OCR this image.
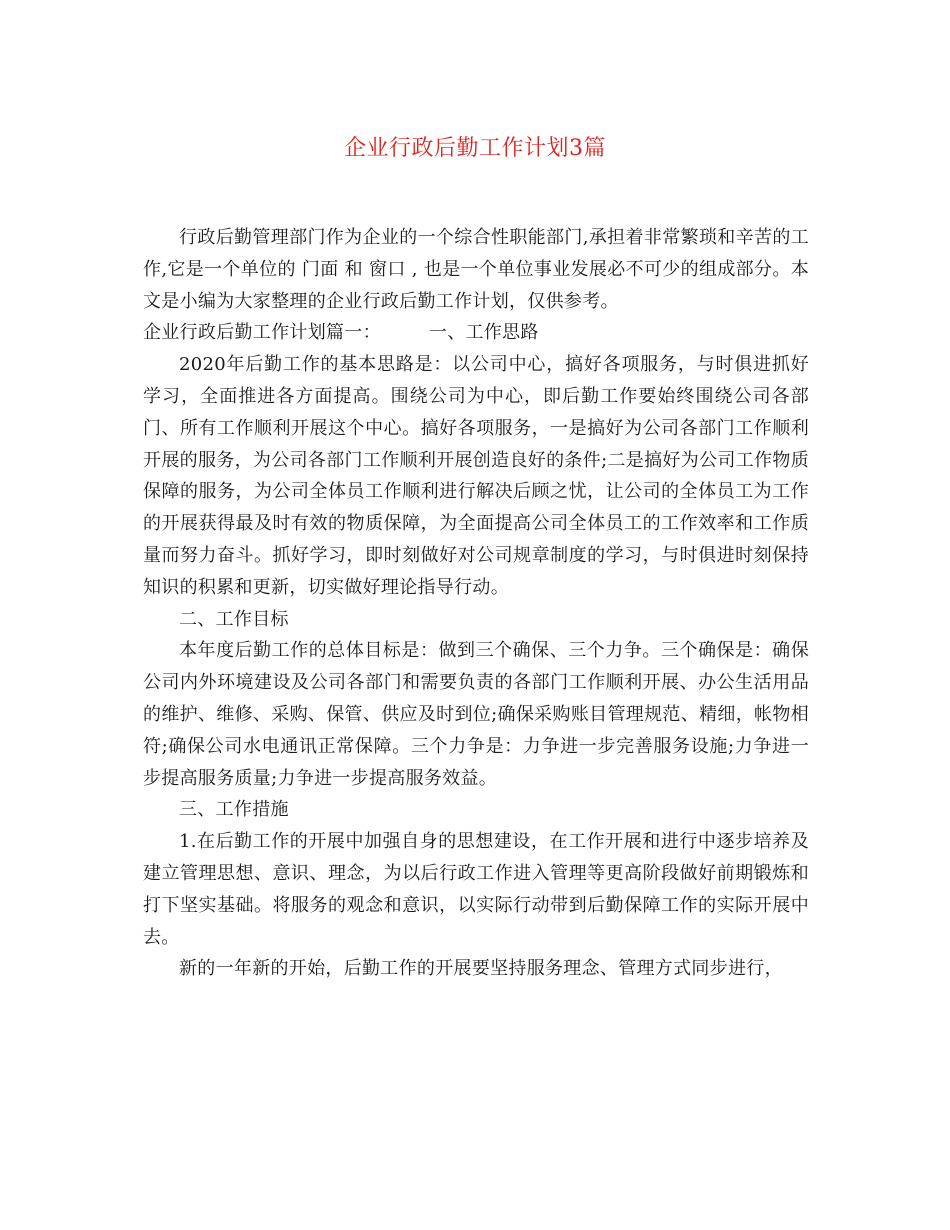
企业行政后勤工作计划3篇

行政后勤管理部门作为企业的一个综合性职能部门,承担着非常繁琐和辛苦的工作,它是一个单位的 门面 和 窗口 , 也是一个单位事业发展必不可少的组成部分。本文是小编为大家整理的企业行政后勤工作计划，仅供参考。

企业行政后勤工作计划篇一：	一、工作思路

2020年后勤工作的基本思路是：以公司中心，搞好各项服务，与时俱进抓好学习，全面推进各方面提高。围绕公司为中心，即后勤工作要始终围绕公司各部门、所有工作顺利开展这个中心。搞好各项服务，一是搞好为公司各部门工作顺利开展的服务，为公司各部门工作顺利开展创造良好的条件;二是搞好为公司工作物质保障的服务，为公司全体员工作顺利进行解决后顾之忧，让公司的全体员工为工作的开展获得最及时有效的物质保障，为全面提高公司全体员工的工作效率和工作质量而努力奋斗。抓好学习，即时刻做好对公司规章制度的学习，与时俱进时刻保持知识的积累和更新，切实做好理论指导行动。

二、工作目标

本年度后勤工作的总体目标是：做到三个确保、三个力争。三个确保是：确保公司内外环境建设及公司各部门和需要负责的各部门工作顺利开展、办公生活用品的维护、维修、采购、保管、供应及时到位;确保采购账目管理规范、精细，帐物相符;确保公司水电通讯正常保障。三个力争是：力争进一步完善服务设施;力争进一步提高服务质量;力争进一步提高服务效益。

三、工作措施

1.在后勤工作的开展中加强自身的思想建设，在工作开展和进行中逐步培养及建立管理思想、意识、理念，为以后行政工作进入管理等更高阶段做好前期锻炼和打下坚实基础。将服务的观念和意识，以实际行动带到后勤保障工作的实际开展中去。

新的一年新的开始，后勤工作的开展要坚持服务理念、管理方式同步进行，
